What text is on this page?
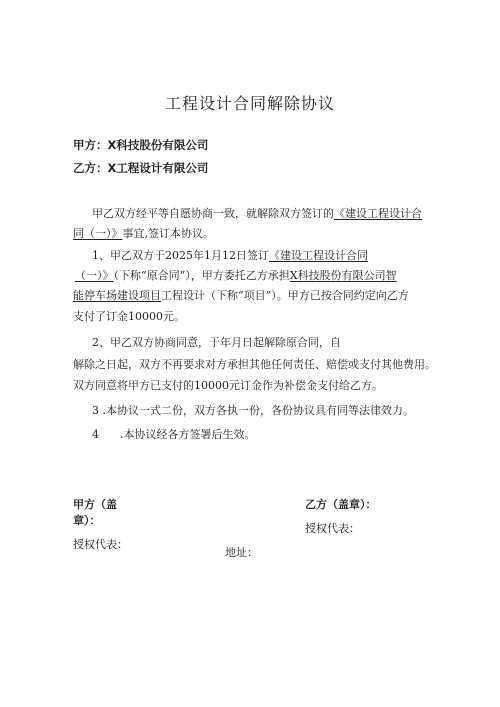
工程设计合同解除协议
甲方：X科技股份有限公司
乙方：X工程设计有限公司
甲乙双方经平等自愿协商一致，就解除双方签订的《建设工程设计合
同（一）》事宜,签订本协议。
1、甲乙双方于2025年1月12日签订《建设工程设计合同
（一）》（下称“原合同”），甲方委托乙方承担X科技股份有限公司智
能停车场建设项目工程设计（下称“项目”）。甲方已按合同约定向乙方
支付了订金10000元。
2、甲乙双方协商同意，于年月日起解除原合同，自
解除之日起，双方不再要求对方承担其他任何责任、赔偿或支付其他费用。
双方同意将甲方已支付的10000元订金作为补偿金支付给乙方。
3 .本协议一式二份，双方各执一份，各份协议具有同等法律效力。
4 .本协议经各方签署后生效。
甲方（盖
章）：
授权代表：
乙方（盖章）：
授权代表：
地址：
